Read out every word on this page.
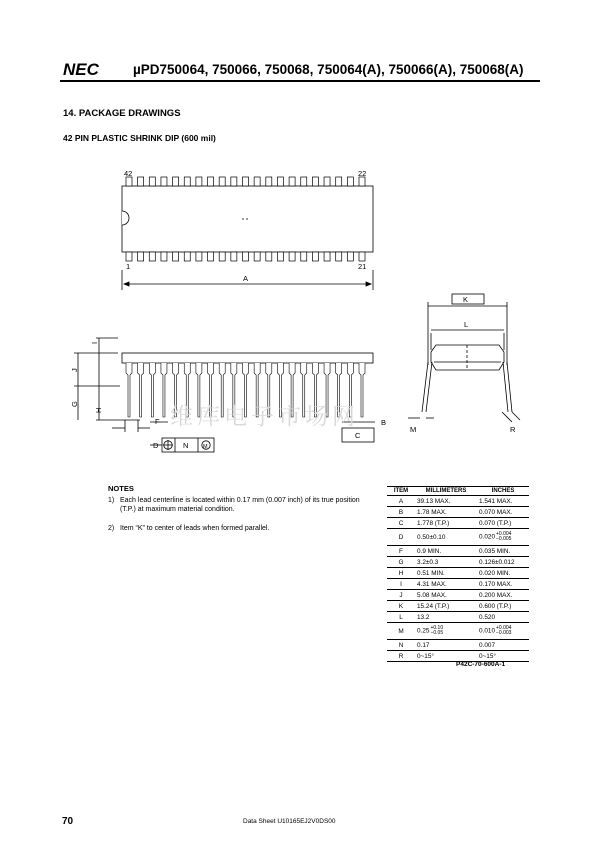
NEC	µPD750064, 750066, 750068, 750064(A), 750066(A), 750068(A)
14. PACKAGE DRAWINGS
42 PIN PLASTIC SHRINK DIP (600 mil)
42	22
1	21
A
I
J
G
H
F	B
C
D	N	M
K
L
M	R
维库电子市场网
NOTES
1) Each lead centerline is located within 0.17 mm (0.007 inch) of its true position (T.P.) at maximum material condition.
2) Item “K” to center of leads when formed parallel.
ITEM	MILLIMETERS	INCHES
A	39.13 MAX.	1.541 MAX.
B	1.78 MAX.	0.070 MAX.
C	1.778 (T.P.)	0.070 (T.P.)
D	0.50±0.10	0.020 +0.004
−0.005

F	0.9 MIN.	0.035 MIN.
G	3.2±0.3	0.126±0.012
H	0.51 MIN.	0.020 MIN.
I	4.31 MAX.	0.170 MAX.
J	5.08 MAX.	0.200 MAX.
K	15.24 (T.P.)	0.600 (T.P.)
L	13.2	0.520
M	0.25 +0.10
−0.05	0.010 +0.004
−0.003

N	0.17	0.007
R	0~15°	0~15°
P42C-70-600A-1
70	Data Sheet U10165EJ2V0DS00
